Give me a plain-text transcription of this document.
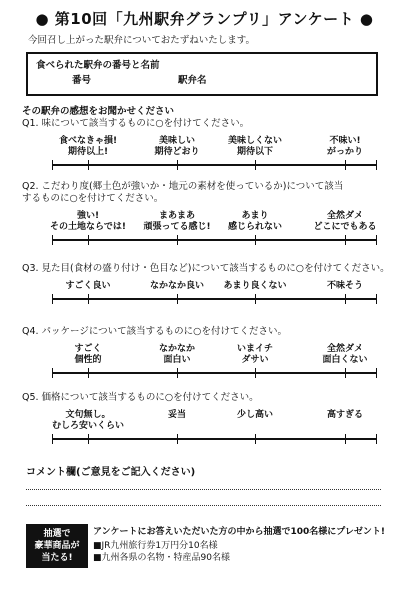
● 第10回「九州駅弁グランプリ」アンケート ●
今回召し上がった駅弁についておたずねいたします。
食べられた駅弁の番号と名前
番号	駅弁名
その駅弁の感想をお聞かせください
Q1. 味について該当するものに○を付けてください。
食べなきゃ損!
期待以上!
美味しい
期待どおり
美味しくない
期待以下
不味い!
がっかり
Q2. こだわり度(郷土色が強いか・地元の素材を使っているか)について該当
するものに○を付けてください。
強い!
その土地ならでは!
まあまあ
頑張ってる感じ!
あまり
感じられない
全然ダメ
どこにでもある
Q3. 見た目(食材の盛り付け・色目など)について該当するものに○を付けてください。
すごく良い	なかなか良い	あまり良くない	不味そう
Q4. パッケージについて該当するものに○を付けてください。
すごく
個性的
なかなか
面白い
いまイチ
ダサい
全然ダメ
面白くない
Q5. 価格について該当するものに○を付けてください。
文句無し。
むしろ安いくらい
妥当	少し高い	高すぎる
コメント欄(ご意見をご記入ください)
抽選で
豪華商品が
当たる!
アンケートにお答えいただいた方の中から抽選で100名様にプレゼント!
■JR九州旅行券1万円分10名様
■九州各県の名物・特産品90名様
